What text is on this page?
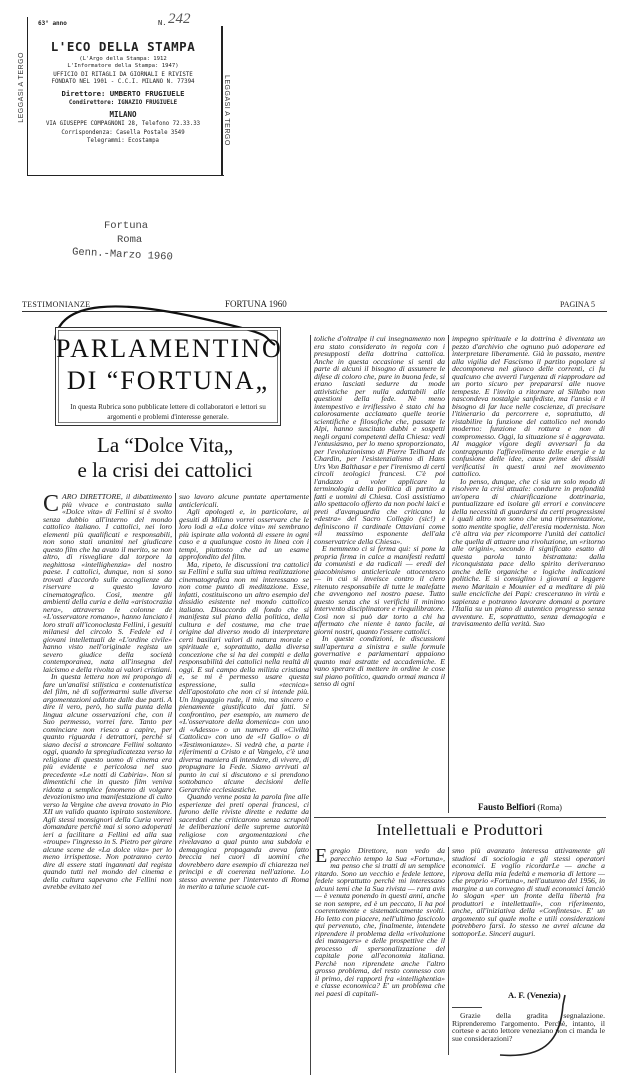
63° anno	N. 242
L'ECO DELLA STAMPA
(L'Argo della Stampa: 1912
L'Informatore della Stampa: 1947)
UFFICIO DI RITAGLI DA GIORNALI E RIVISTE
FONDATO NEL 1901 - C.C.I. MILANO N. 77394
Direttore: UMBERTO FRUGIUELE
Condirettore: IGNAZIO FRUGIUELE
MILANO
VIA GIUSEPPE COMPAGNONI 28, Telefono 72.33.33
Corrispondenza: Casella Postale 3549
Telegrammi: Ecostampa
LEGGASI A TERGO	LEGGASI A TERGO
Fortuna
Roma
Genn.-Marzo 1960
TESTIMONIANZE	FORTUNA 1960	PAGINA 5
PARLAMENTINO
DI “FORTUNA„
In questa Rubrica sono pubblicate lettere di collaboratori e lettori su argomenti e problemi d'interesse generale.
La “Dolce Vita„
e la crisi dei cattolici

CARO DIRETTORE, il dibattimento più vivace e contrastato sulla «Dolce vita» di Fellini si è svolto senza dubbio all'interno del mondo cattolico italiano. I cattolici, nei loro elementi più qualificati e responsabili, non sono stati unanimi nel giudicare questo film che ha avuto il merito, se non altro, di risvegliare dal torpore la neghittosa «intellighenzia» del nostro paese. I cattolici, dunque, non si sono trovati d'accordo sulle accoglienze da riservare a questo lavoro cinematografico. Così, mentre gli ambienti della curia e della «aristocrazia nera», attraverso le colonne de «L'osservatore romano», hanno lanciato i loro strali all'iconoclasta Fellini, i gesuiti milanesi del circolo S. Fedele ed i giovani intellettuali de «L'ordine civile» hanno visto nell'originale regista un severo giudice della società contemporanea, nata all'insegna del laicismo e della rivolta ai valori cristiani.

In questa lettera non mi propongo di fare un'analisi stilistica e contenutistica del film, nè di soffermarmi sulle diverse argomentazioni addotte dalle due parti. A dire il vero, però, ho sulla punta della lingua alcune osservazioni che, con il Suo permesso, vorrei fare. Tanto per cominciare non riesco a capire, per quanto riguarda i detrattori, perchè si siano decisi a stroncare Fellini soltanto oggi, quando la spregiudicatezza verso la religione di questo uomo di cinema era più evidente e pericolosa nel suo precedente «Le notti di Cabiria». Non si dimentichi che in questo film veniva ridotta a semplice fenomeno di volgare devozionismo una manifestazione di culto verso la Vergine che aveva trovato in Pio XII un valido quanto ispirato sostenitore. Agli stessi monsignori della Curia vorrei domandare perchè mai si sono adoperati ieri a facilitare a Fellini ed alla sua «troupe» l'ingresso in S. Pietro per girare alcune scene de «La dolce vita» per lo meno irrispettose. Non potranno certo dire di essere stati ingannati dal regista quando tutti nel mondo del cinema e della cultura sapevano che Fellini non avrebbe evitato nel

suo lavoro alcune puntate apertamente anticlericali.

Agli apologeti e, in particolare, ai gesuiti di Milano vorrei osservare che le loro lodi a «La dolce vita» mi sembrano più ispirate alla volontà di essere in ogni caso e a qualunque costo in linea con i tempi, piuttosto che ad un esame approfondito del film.

Ma, ripeto, le discussioni tra cattolici su Fellini e sulla sua ultima realizzazione cinematografica non mi interessano se non come punto di meditazione. Esse, infatti, costituiscono un altro esempio del dissidio esistente nel mondo cattolico italiano. Disaccordo di fondo che si manifesta sul piano della politica, della cultura e del costume, ma che trae origine dal diverso modo di interpretare certi basilari valori di natura morale e spirituale e, soprattutto, dalla diversa concezione che si ha dei compiti e della responsabilità dei cattolici nella realtà di oggi. E sul campo della milizia cristiana e, se mi è permesso usare questa espressione, sulla «tecnica» dell'apostolato che non ci si intende più. Un linguaggio rude, il mio, ma sincero e pienamente giustificato dai fatti. Si confrontino, per esempio, un numero de «L'osservatore della domenica» con uno di «Adesso» o un numero di «Civiltà Cattolica» con uno de «Il Gallo» o di «Testimonianze». Si vedrà che, a parte i riferimenti a Cristo e al Vangelo, c'è una diversa maniera di intendere, di vivere, di propugnare la Fede. Siamo arrivati al punto in cui si discutono e si prendono sottobanco alcune decisioni delle Gerarchie ecclesiastiche.

Quando venne posta la parola fine alle esperienze dei preti operai francesi, ci furono delle riviste dirette e redatte da sacerdoti che criticarono senza scrupoli le deliberazioni delle supreme autorità religiose con argomentazioni che rivelavano a qual punto una subdola e demagogica propaganda aveva fatto breccia nei cuori di uomini che dovrebbero dare esempio di chiarezza nei principi e di coerenza nell'azione. Lo stesso avvenne per l'intervento di Roma in merito a talune scuole cat-

toliche d'oltralpe il cui insegnamento non era stato considerato in regola con i presupposti della dottrina cattolica. Anche in questa occasione si sentì da parte di alcuni il bisogno di assumere le difese di coloro che, pure in buona fede, si erano lasciati sedurre da mode attivistiche per nulla adattabili alle questioni della fede. Nè meno intempestivo e irriflessivo è stato chi ha calorosamente acclamato quelle teorie scientifiche e filosofiche che, passate le Alpi, hanno suscitato dubbi e sospetti negli organi competenti della Chiesa: vedi l'entusiasmo, per lo meno sproporzionato, per l'evoluzionismo di Pierre Teilhard de Chardin, per l'esistenzialismo di Hans Urs Von Balthasar e per l'irenismo di certi circoli teologici francesi. C'è poi l'andazzo a voler applicare la terminologia della politica di partito a fatti e uomini di Chiesa. Così assistiamo allo spettacolo offerto da non pochi laici e preti d'avanguardia che criticano la «destra» del Sacro Collegio (sic!) e definiscono il cardinale Ottaviani come «il massimo esponente dell'ala conservatrice della Chiesa».

E nemmeno ci si ferma qui: si pone la propria firma in calce a manifesti redatti da comunisti e da radicali — eredi del giacobinismo anticlericale ottocentesco — in cui si inveisce contro il clero ritenuto responsabile di tutte le malefatte che avvengono nel nostro paese. Tutto questo senza che si verifichi il minimo intervento disciplinatore e riequilibratore. Così non si può dar torto a chi ha affermato che niente è tanto facile, ai giorni nostri, quanto l'essere cattolici.

In queste condizioni, le discussioni sull'apertura a sinistra e sulle formule governative e parlamentari appaiono quanto mai astratte ed accademiche. E vano sperare di mettere in ordine le cose sul piano politico, quando ormai manca il senso di ogni

impegno spirituale e la dottrina è diventata un pezzo d'archivio che ognuno può adoperare ed interpretare liberamente. Già in passato, mentre alla vigilia del Fascismo il partito popolare si decomponeva nel giuoco delle correnti, ci fu qualcuno che avvertì l'urgenza di riapprodare ad un porto sicuro per prepararsi alle nuove tempeste. E l'invito a ritornare al Sillabo non nascondeva nostalgie sanfediste, ma l'ansia e il bisogno di far luce nelle coscienze, di precisare l'itinerario da percorrere e, soprattutto, di ristabilire la funzione del cattolico nel mondo moderno: funzione di rottura e non di compromesso. Oggi, la situazione si è aggravata. Al maggior vigore degli avversari fa da contrappunto l'affievolimento delle energie e la confusione delle idee, cause prime dei dissidi verificatisi in questi anni nel movimento cattolico.

Io penso, dunque, che ci sia un solo modo di risolvere la crisi attuale: condurre in profondità un'opera di chiarificazione dottrinaria, puntualizzare ed isolare gli errori e convincere della necessità di guardarsi da certi progressismi i quali altro non sono che una ripresentazione, sotto mentite spoglie, dell'eresia modernista. Non c'è altra via per ricomporre l'unità dei cattolici che quella di attuare una rivoluzione, un «ritorno alle origini», secondo il significato esatto di questa parola tanto bistrattata: dalla riconquistata pace dello spirito deriveranno anche delle organiche e logiche indicazioni politiche. E si consiglino i giovani a leggere meno Maritain e Mounier ed a meditare di più sulle encicliche dei Papi: cresceranno in virtù e sapienza e potranno lavorare domani a portare l'Italia su un piano di autentico progresso senza avventure. E, soprattutto, senza demagogia e travisamento della verità. Suo

Fausto Belfiori (Roma)
Intellettuali e Produttori

Egregio Direttore, non vedo da parecchio tempo la Sua «Fortuna», ma penso che si tratti di un semplice ritardo. Sono un vecchio e fedele lettore, fedele soprattutto perchè mi interessano alcuni temi che la Sua rivista — rara avis — è venuta ponendo in questi anni, anche se non sempre, ed è un peccato, li ha poi coerentemente e sistematicamente svolti. Ho letto con piacere, nell'ultimo fascicolo qui pervenuto, che, finalmente, intendete riprendere il problema della «rivoluzione dei managers» e delle prospettive che il processo di spersonalizzazione del capitale pone all'economia italiana. Perchè non riprendete anche l'altro grosso problema, del resto connesso con il primo, dei rapporti fra «intellighentia» e classe economica? E' un problema che nei paesi di capitali-

smo più avanzato interessa attivamente gli studiosi di sociologia e gli stessi operatori economici. E voglio ricordarLe — anche a riprova della mia fedeltà e memoria di lettore — che proprio «Fortuna», nell'autunno del 1956, in margine a un convegno di studi economici lanciò lo slogan «per un fronte della libertà fra produttori e intellettuali», con riferimento, anche, all'iniziativa della «Confintesa». E' un argomento sul quale molte e utili considerazioni potrebbero farsi. Io stesso ne avrei alcune da sottoporLe. Sinceri auguri.

A. F. (Venezia)

Grazie della gradita segnalazione. Riprenderemo l'argomento. Perchè, intanto, il cortese e acuto lettore veneziano non ci manda le sue considerazioni?
